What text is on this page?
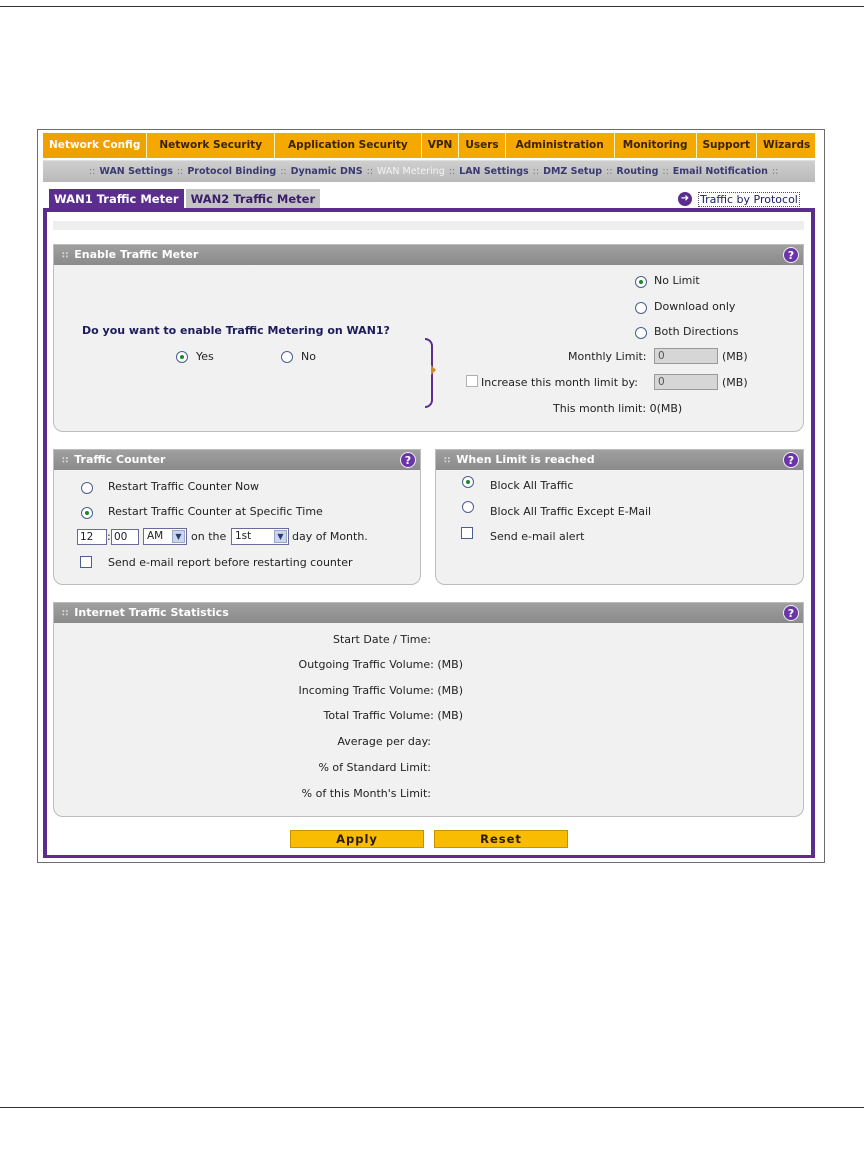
Network Config	Network Security	Application Security	VPN	Users	Administration	Monitoring	Support	Wizards
:: WAN Settings :: Protocol Binding :: Dynamic DNS :: WAN Metering :: LAN Settings :: DMZ Setup :: Routing :: Email Notification ::
WAN1 Traffic Meter	WAN2 Traffic Meter	➜ Traffic by Protocol
∷ Enable Traffic Meter	?
Do you want to enable Traffic Metering on WAN1?
Yes	No
No Limit
Download only
Both Directions
Monthly Limit:	0	(MB)
Increase this month limit by:	0	(MB)
This month limit: 0(MB)
∷ Traffic Counter	?
Restart Traffic Counter Now
Restart Traffic Counter at Specific Time
12	: 00	AM	▼ on the 1st	▼ day of Month.
Send e-mail report before restarting counter
∷ When Limit is reached	?
Block All Traffic
Block All Traffic Except E-Mail
Send e-mail alert
∷ Internet Traffic Statistics	?
Start Date / Time:
Outgoing Traffic Volume: (MB)
Incoming Traffic Volume: (MB)
Total Traffic Volume: (MB)
Average per day:
% of Standard Limit:
% of this Month's Limit:
Apply	Reset
